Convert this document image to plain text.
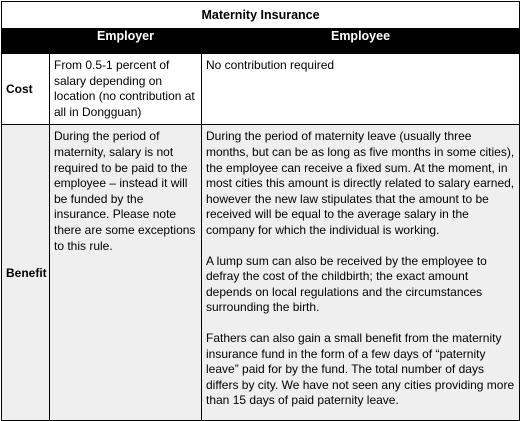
Maternity Insurance		
	Employer	Employee
Cost	From 0.5-1 percent of salary depending on location (no contribution at all in Dongguan)	No contribution required
Benefit	During the period of maternity, salary is not required to be paid to the employee – instead it will be funded by the insurance. Please note there are some exceptions to this rule.	During the period of maternity leave (usually three months, but can be as long as five months in some cities), the employee can receive a fixed sum. At the moment, in most cities this amount is directly related to salary earned, however the new law stipulates that the amount to be received will be equal to the average salary in the company for which the individual is working.
A lump sum can also be received by the employee to defray the cost of the childbirth; the exact amount depends on local regulations and the circumstances surrounding the birth.
Fathers can also gain a small benefit from the maternity insurance fund in the form of a few days of “paternity leave” paid for by the fund. The total number of days differs by city. We have not seen any cities providing more than 15 days of paid paternity leave.
